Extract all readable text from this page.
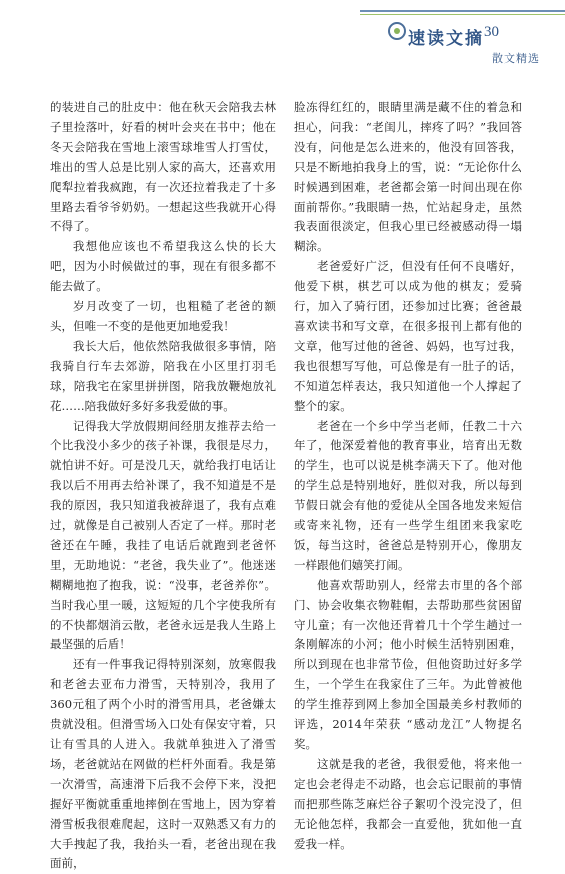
速读文摘 30
散文精选

的装进自己的肚皮中：他在秋天会陪我去林子里捡落叶，好看的树叶会夹在书中；他在冬天会陪我在雪地上滚雪球堆雪人打雪仗，堆出的雪人总是比别人家的高大，还喜欢用爬犁拉着我疯跑，有一次还拉着我走了十多里路去看爷爷奶奶。一想起这些我就开心得不得了。

我想他应该也不希望我这么快的长大吧，因为小时候做过的事，现在有很多都不能去做了。

岁月改变了一切，也粗糙了老爸的额头，但唯一不变的是他更加地爱我！

我长大后，他依然陪我做很多事情，陪我骑自行车去郊游，陪我在小区里打羽毛球，陪我宅在家里拼拼图，陪我放鞭炮放礼花……陪我做好多好多我爱做的事。

记得我大学放假期间经朋友推荐去给一个比我没小多少的孩子补课，我很是尽力，就怕讲不好。可是没几天，就给我打电话让我以后不用再去给补课了，我不知道是不是我的原因，我只知道我被辞退了，我有点难过，就像是自己被别人否定了一样。那时老爸还在午睡，我挂了电话后就跑到老爸怀里，无助地说：“老爸，我失业了”。他迷迷糊糊地抱了抱我，说：“没事，老爸养你”。当时我心里一暖，这短短的几个字使我所有的不快都烟消云散，老爸永远是我人生路上最坚强的后盾！

还有一件事我记得特别深刻，放寒假我和老爸去亚布力滑雪，天特别冷，我用了360元租了两个小时的滑雪用具，老爸嫌太贵就没租。但滑雪场入口处有保安守着，只让有雪具的人进入。我就单独进入了滑雪场，老爸就站在网做的栏杆外面看。我是第一次滑雪，高速滑下后我不会停下来，没把握好平衡就重重地摔倒在雪地上，因为穿着滑雪板我很难爬起，这时一双熟悉又有力的大手拽起了我，我抬头一看，老爸出现在我面前，

脸冻得红红的，眼睛里满是藏不住的着急和担心，问我：“老闺儿，摔疼了吗？”我回答没有，问他是怎么进来的，他没有回答我，只是不断地拍我身上的雪，说：“无论你什么时候遇到困难，老爸都会第一时间出现在你面前帮你。”我眼睛一热，忙站起身走，虽然我表面很淡定，但我心里已经被感动得一塌糊涂。

老爸爱好广泛，但没有任何不良嗜好，他爱下棋，棋艺可以成为他的棋友；爱骑行，加入了骑行团，还参加过比赛；爸爸最喜欢读书和写文章，在很多报刊上都有他的文章，他写过他的爸爸、妈妈，也写过我，我也很想写写他，可总像是有一肚子的话，不知道怎样表达，我只知道他一个人撑起了整个的家。

老爸在一个乡中学当老师，任教二十六年了，他深爱着他的教育事业，培育出无数的学生，也可以说是桃李满天下了。他对他的学生总是特别地好，胜似对我，所以每到节假日就会有他的爱徒从全国各地发来短信或寄来礼物，还有一些学生组团来我家吃饭，每当这时，爸爸总是特别开心，像朋友一样跟他们嬉笑打闹。

他喜欢帮助别人，经常去市里的各个部门、协会收集衣物鞋帽，去帮助那些贫困留守儿童；有一次他还背着几十个学生趟过一条刚解冻的小河；他小时候生活特别困难，所以到现在也非常节俭，但他资助过好多学生，一个学生在我家住了三年。为此曾被他的学生推荐到网上参加全国最美乡村教师的评选，2014年荣获 “感动龙江”人物提名奖。

这就是我的老爸，我很爱他，将来他一定也会老得走不动路，也会忘记眼前的事情而把那些陈芝麻烂谷子絮叨个没完没了，但无论他怎样，我都会一直爱他，犹如他一直爱我一样。
